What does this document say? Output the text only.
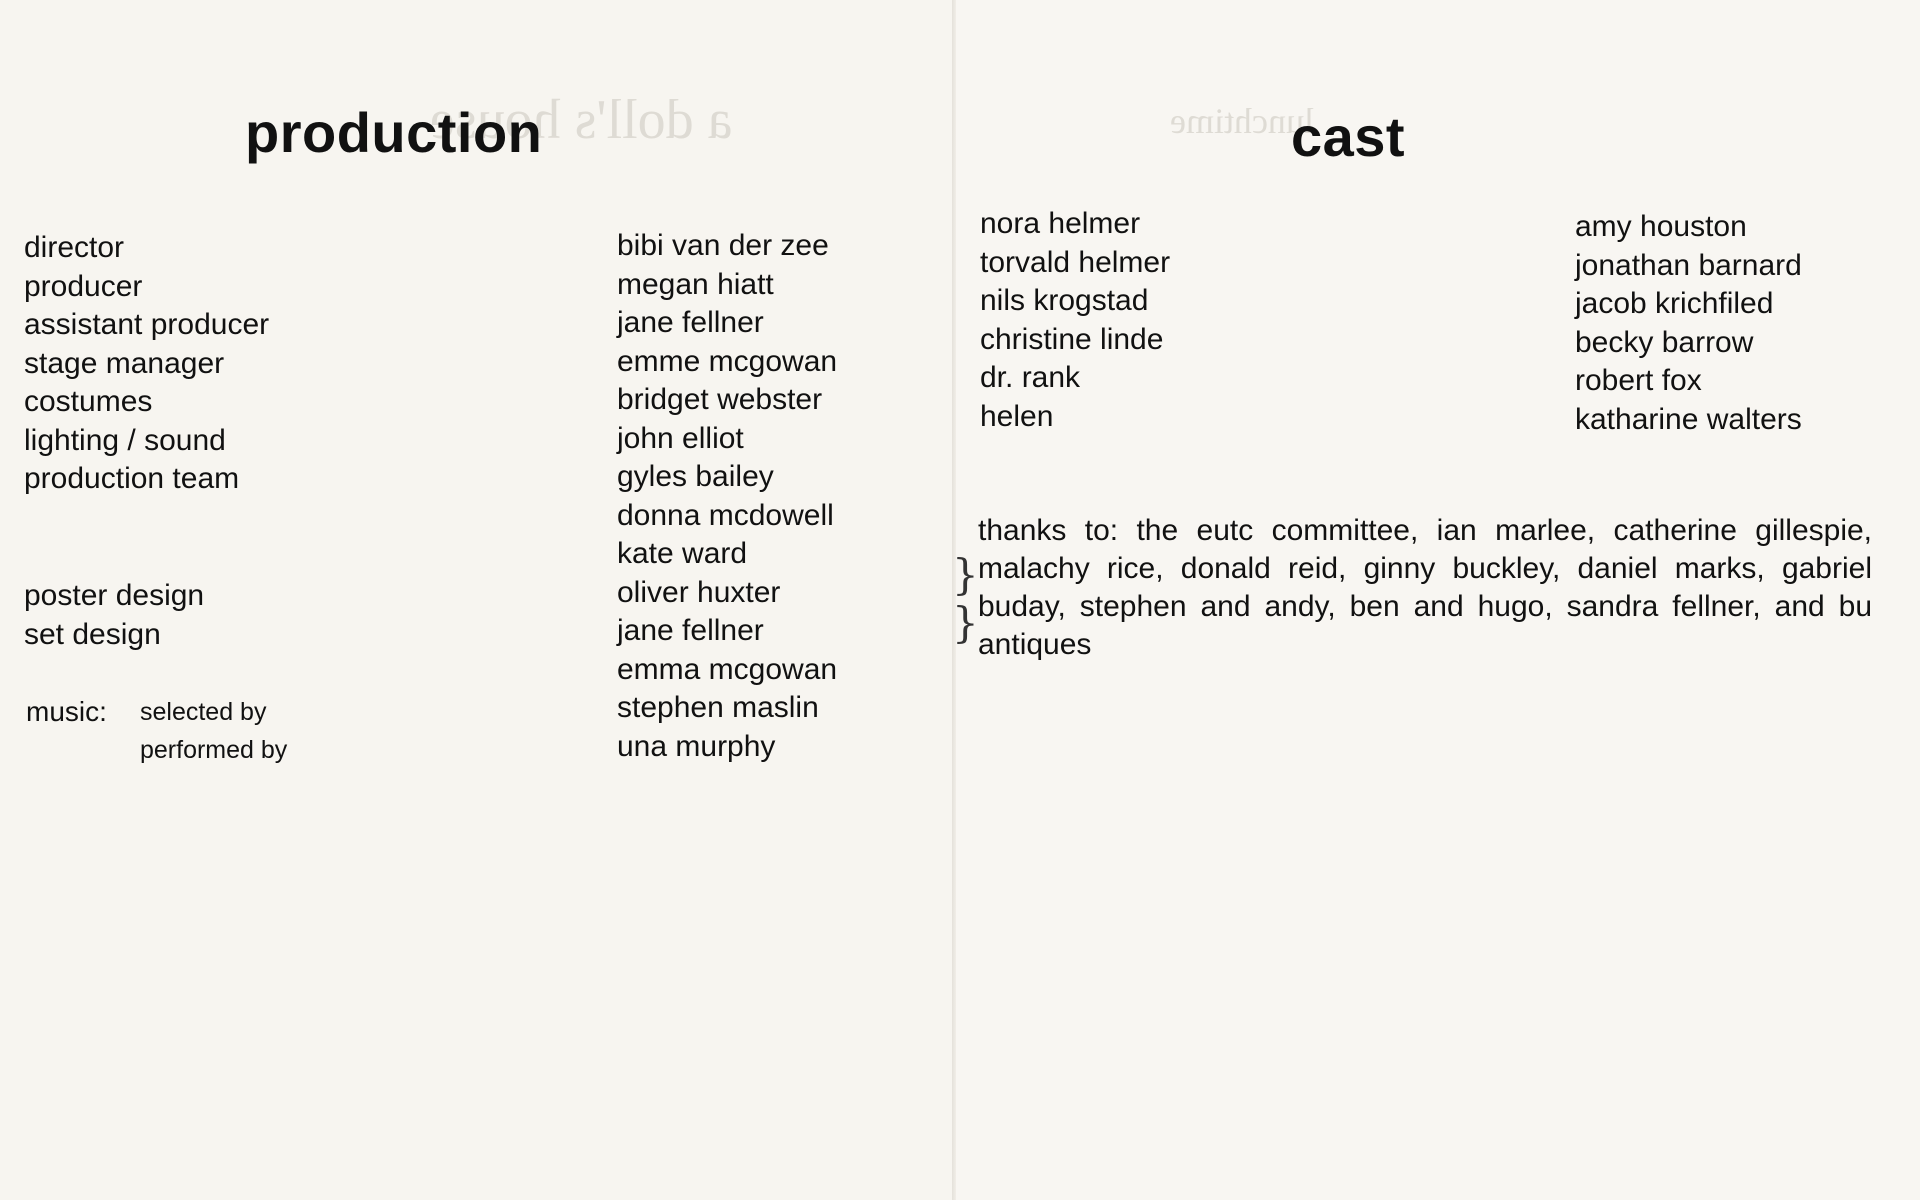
a doll's house	lunchtime
production
director
producer
assistant producer
stage manager
costumes
lighting / sound
production team
poster design
set design
music: selected by
performed by
bibi van der zee
megan hiatt
jane fellner
emme mcgowan
bridget webster
john elliot
gyles bailey
donna mcdowell
kate ward
oliver huxter
jane fellner
emma mcgowan
stephen maslin
una murphy
cast
nora helmer
torvald helmer
nils krogstad
christine linde
dr. rank
helen
amy houston
jonathan barnard
jacob krichfiled
becky barrow
robert fox
katharine walters
}
}

thanks to: the eutc committee, ian marlee, catherine gillespie, malachy rice, donald reid, ginny buckley, daniel marks, gabriel buday, stephen and andy, ben and hugo, sandra fellner, and bu antiques
